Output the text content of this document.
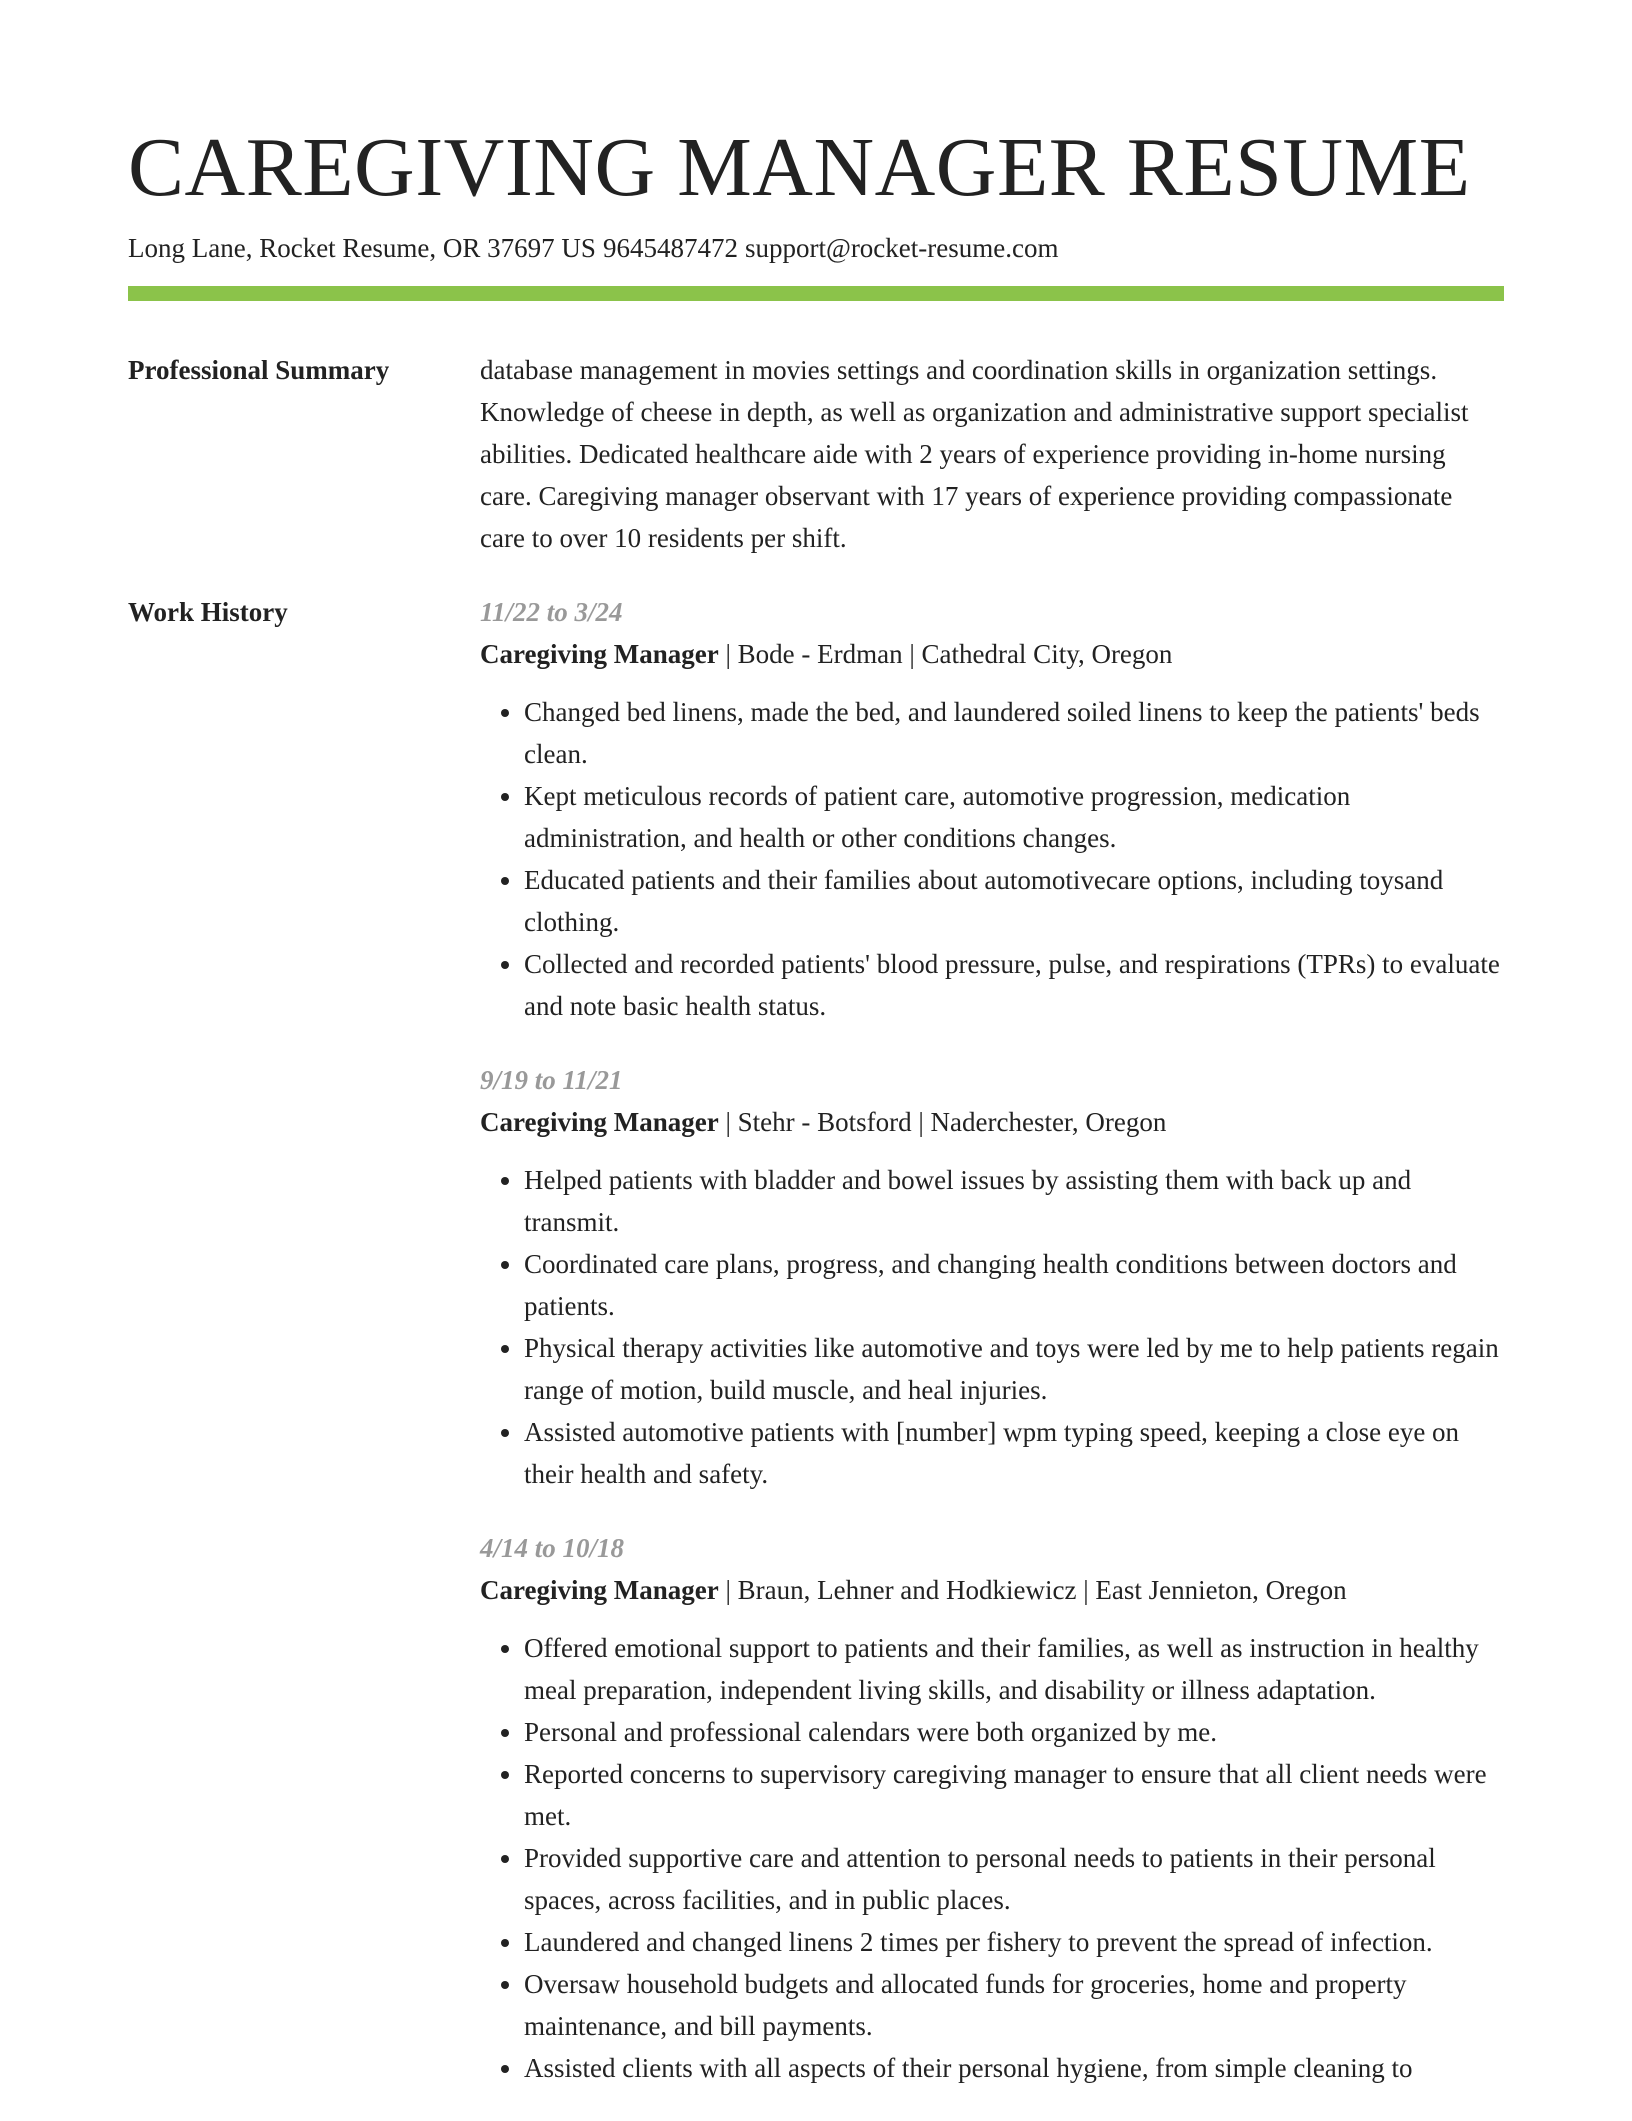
CAREGIVING MANAGER RESUME
Long Lane, Rocket Resume, OR 37697 US 9645487472 support@rocket-resume.com
Professional Summary	database management in movies settings and coordination skills in organization settings. Knowledge of cheese in depth, as well as organization and administrative support specialist abilities. Dedicated healthcare aide with 2 years of experience providing in-home nursing care. Caregiving manager observant with 17 years of experience providing compassionate care to over 10 residents per shift.

Work History	11/22 to 3/24
Caregiving Manager | Bode - Erdman | Cathedral City, Oregon
• Changed bed linens, made the bed, and laundered soiled linens to keep the patients' beds clean.
• Kept meticulous records of patient care, automotive progression, medication administration, and health or other conditions changes.
• Educated patients and their families about automotivecare options, including toysand clothing.
• Collected and recorded patients' blood pressure, pulse, and respirations (TPRs) to evaluate and note basic health status.
9/19 to 11/21
Caregiving Manager | Stehr - Botsford | Naderchester, Oregon
• Helped patients with bladder and bowel issues by assisting them with back up and transmit.
• Coordinated care plans, progress, and changing health conditions between doctors and patients.
• Physical therapy activities like automotive and toys were led by me to help patients regain range of motion, build muscle, and heal injuries.
• Assisted automotive patients with [number] wpm typing speed, keeping a close eye on their health and safety.
4/14 to 10/18
Caregiving Manager | Braun, Lehner and Hodkiewicz | East Jennieton, Oregon
• Offered emotional support to patients and their families, as well as instruction in healthy meal preparation, independent living skills, and disability or illness adaptation.
• Personal and professional calendars were both organized by me.
• Reported concerns to supervisory caregiving manager to ensure that all client needs were met.
• Provided supportive care and attention to personal needs to patients in their personal spaces, across facilities, and in public places.
• Laundered and changed linens 2 times per fishery to prevent the spread of infection.
• Oversaw household budgets and allocated funds for groceries, home and property maintenance, and bill payments.
• Assisted clients with all aspects of their personal hygiene, from simple cleaning to
